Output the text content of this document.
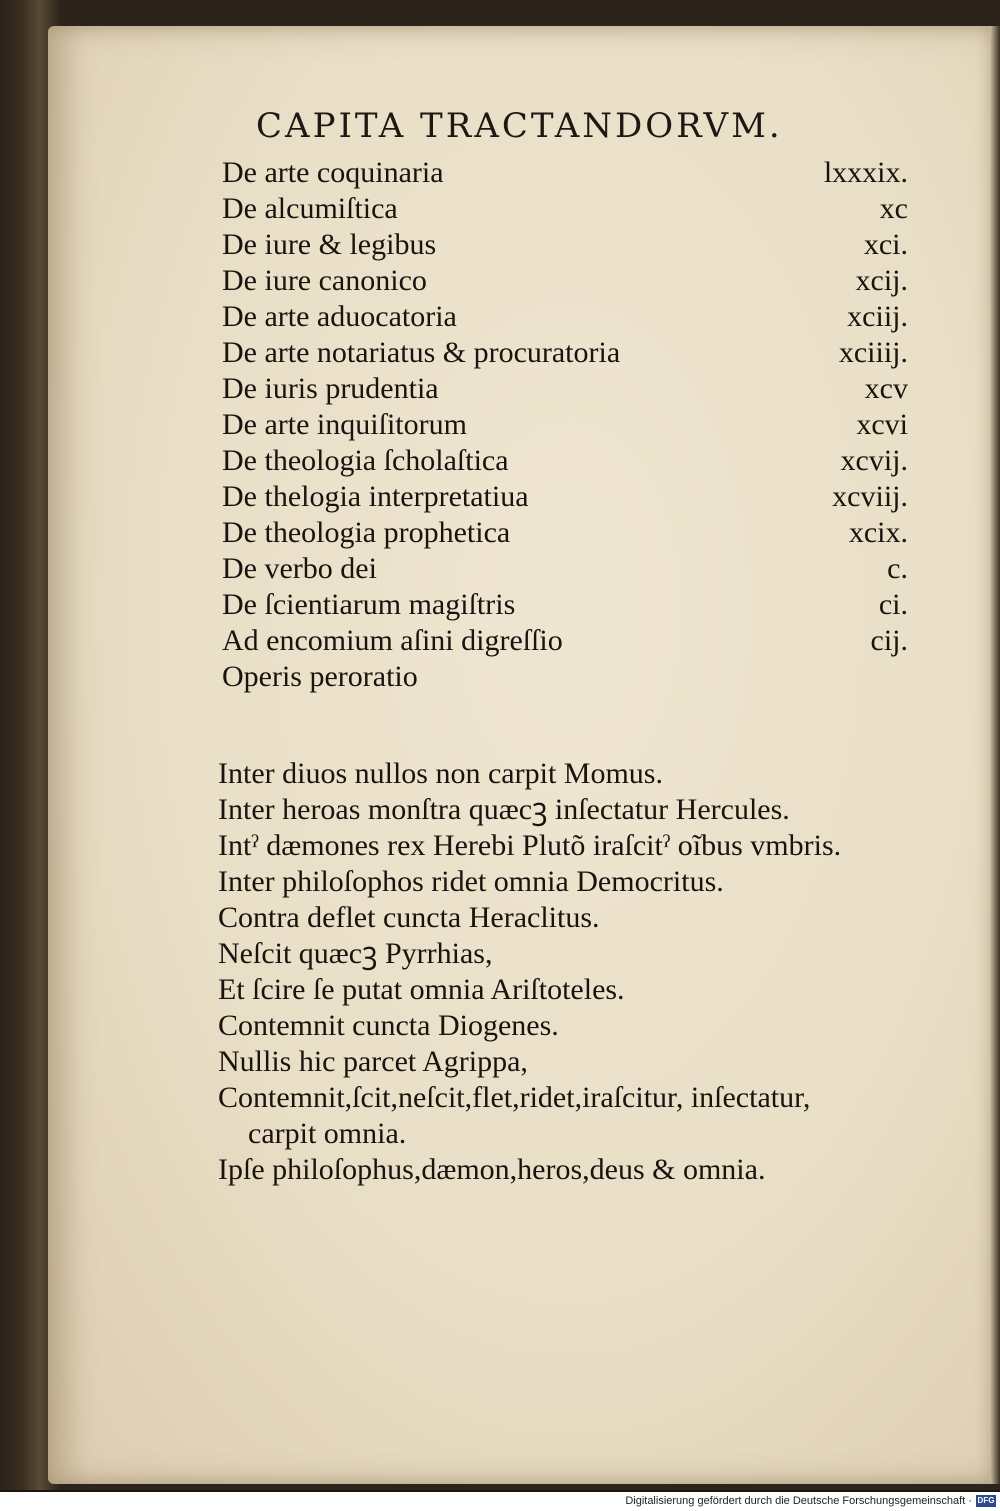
CAPITA TRACTANDORVM.
De arte coquinaria	lxxxix.
De alcumiſtica	xc
De iure & legibus	xci.
De iure canonico	xcij.
De arte aduocatoria	xciij.
De arte notariatus & procuratoria	xciiij.
De iuris prudentia	xcv
De arte inquiſitorum	xcvi
De theologia ſcholaſtica	xcvij.
De thelogia interpretatiua	xcviij.
De theologia prophetica	xcix.
De verbo dei	c.
De ſcientiarum magiſtris	ci.
Ad encomium aſini digreſſio	cij.
Operis peroratio
Inter diuos nullos non carpit Momus.
Inter heroas monſtra quæcꝫ inſectatur Hercules.
Intˀ dæmones rex Herebi Plutõ iraſcitˀ oĩbus vmbris.
Inter philoſophos ridet omnia Democritus.
Contra deflet cuncta Heraclitus.
Neſcit quæcꝫ Pyrrhias,
Et ſcire ſe putat omnia Ariſtoteles.
Contemnit cuncta Diogenes.
Nullis hic parcet Agrippa,
Contemnit,ſcit,neſcit,flet,ridet,iraſcitur, inſectatur,
carpit omnia.
Ipſe philoſophus,dæmon,heros,deus & omnia.
Digitalisierung gefördert durch die Deutsche Forschungsgemeinschaft · DFG
